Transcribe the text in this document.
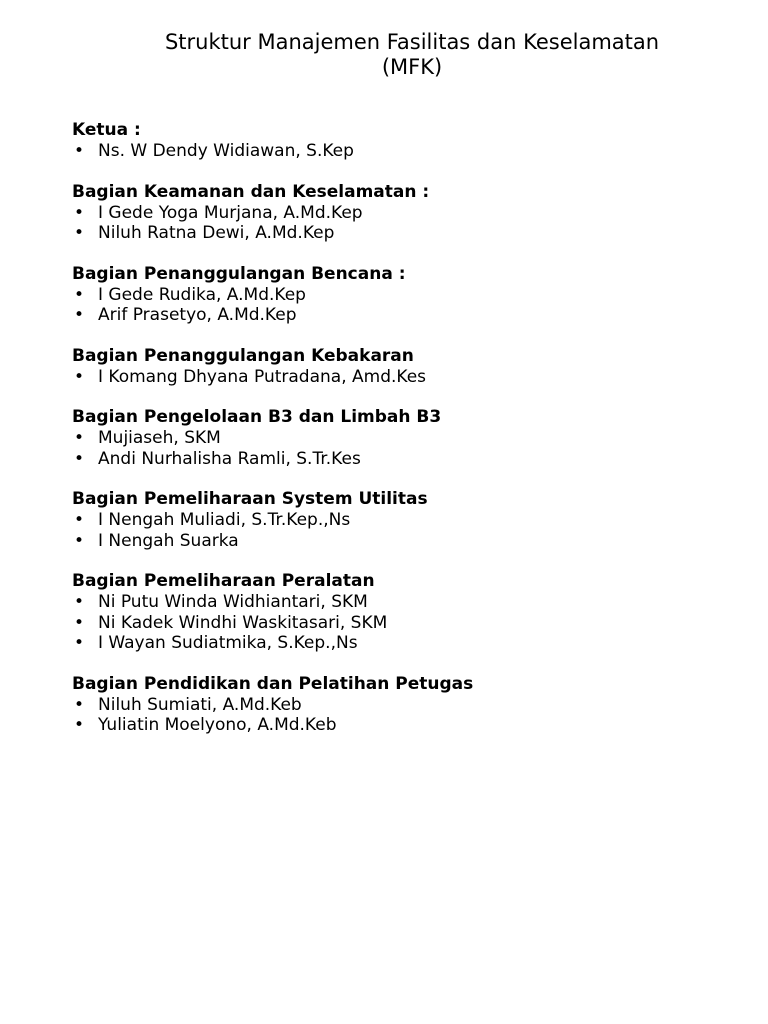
Struktur Manajemen Fasilitas dan Keselamatan
(MFK)

Ketua :

• Ns. W Dendy Widiawan, S.Kep

Bagian Keamanan dan Keselamatan :

• I Gede Yoga Murjana, A.Md.Kep
• Niluh Ratna Dewi, A.Md.Kep

Bagian Penanggulangan Bencana :

• I Gede Rudika, A.Md.Kep
• Arif Prasetyo, A.Md.Kep

Bagian Penanggulangan Kebakaran

• I Komang Dhyana Putradana, Amd.Kes

Bagian Pengelolaan B3 dan Limbah B3

• Mujiaseh, SKM
• Andi Nurhalisha Ramli, S.Tr.Kes

Bagian Pemeliharaan System Utilitas

• I Nengah Muliadi, S.Tr.Kep.,Ns
• I Nengah Suarka

Bagian Pemeliharaan Peralatan

• Ni Putu Winda Widhiantari, SKM
• Ni Kadek Windhi Waskitasari, SKM
• I Wayan Sudiatmika, S.Kep.,Ns

Bagian Pendidikan dan Pelatihan Petugas

• Niluh Sumiati, A.Md.Keb
• Yuliatin Moelyono, A.Md.Keb
